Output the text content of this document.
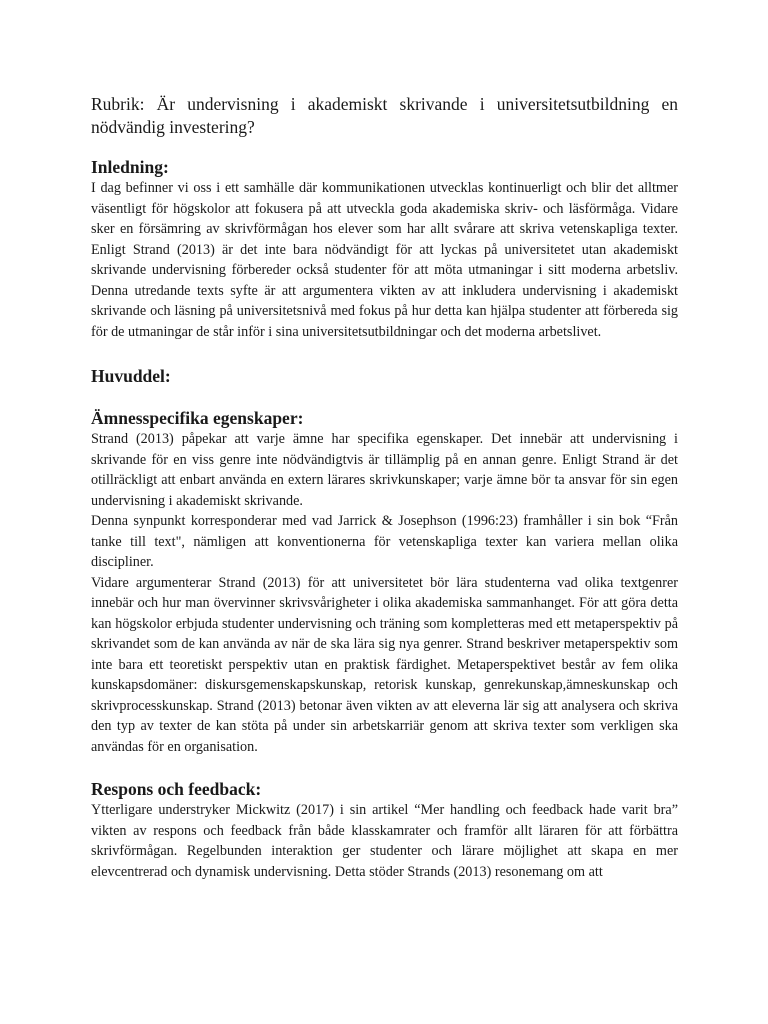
Rubrik: Är undervisning i akademiskt skrivande i universitetsutbildning en nödvändig investering?

Inledning:

I dag befinner vi oss i ett samhälle där kommunikationen utvecklas kontinuerligt och blir det alltmer väsentligt för högskolor att fokusera på att utveckla goda akademiska skriv- och läsförmåga. Vidare sker en försämring av skrivförmågan hos elever som har allt svårare att skriva vetenskapliga texter. Enligt Strand (2013) är det inte bara nödvändigt för att lyckas på universitetet utan akademiskt skrivande undervisning förbereder också studenter för att möta utmaningar i sitt moderna arbetsliv. Denna utredande texts syfte är att argumentera vikten av att inkludera undervisning i akademiskt skrivande och läsning på universitetsnivå med fokus på hur detta kan hjälpa studenter att förbereda sig för de utmaningar de står inför i sina universitetsutbildningar och det moderna arbetslivet.

Huvuddel:
Ämnesspecifika egenskaper:

Strand (2013) påpekar att varje ämne har specifika egenskaper. Det innebär att undervisning i skrivande för en viss genre inte nödvändigtvis är tillämplig på en annan genre. Enligt Strand är det otillräckligt att enbart använda en extern lärares skrivkunskaper; varje ämne bör ta ansvar för sin egen undervisning i akademiskt skrivande.

Denna synpunkt korresponderar med vad Jarrick & Josephson (1996:23) framhåller i sin bok “Från tanke till text", nämligen att konventionerna för vetenskapliga texter kan variera mellan olika discipliner.

Vidare argumenterar Strand (2013) för att universitetet bör lära studenterna vad olika textgenrer innebär och hur man övervinner skrivsvårigheter i olika akademiska sammanhanget. För att göra detta kan högskolor erbjuda studenter undervisning och träning som kompletteras med ett metaperspektiv på skrivandet som de kan använda av när de ska lära sig nya genrer. Strand beskriver metaperspektiv som inte bara ett teoretiskt perspektiv utan en praktisk färdighet. Metaperspektivet består av fem olika kunskapsdomäner: diskursgemenskapskunskap, retorisk kunskap, genrekunskap,ämneskunskap och skrivprocesskunskap. Strand (2013) betonar även vikten av att eleverna lär sig att analysera och skriva den typ av texter de kan stöta på under sin arbetskarriär genom att skriva texter som verkligen ska användas för en organisation.

Respons och feedback:

Ytterligare understryker Mickwitz (2017) i sin artikel “Mer handling och feedback hade varit bra” vikten av respons och feedback från både klasskamrater och framför allt läraren för att förbättra skrivförmågan. Regelbunden interaktion ger studenter och lärare möjlighet att skapa en mer elevcentrerad och dynamisk undervisning. Detta stöder Strands (2013) resonemang om att
